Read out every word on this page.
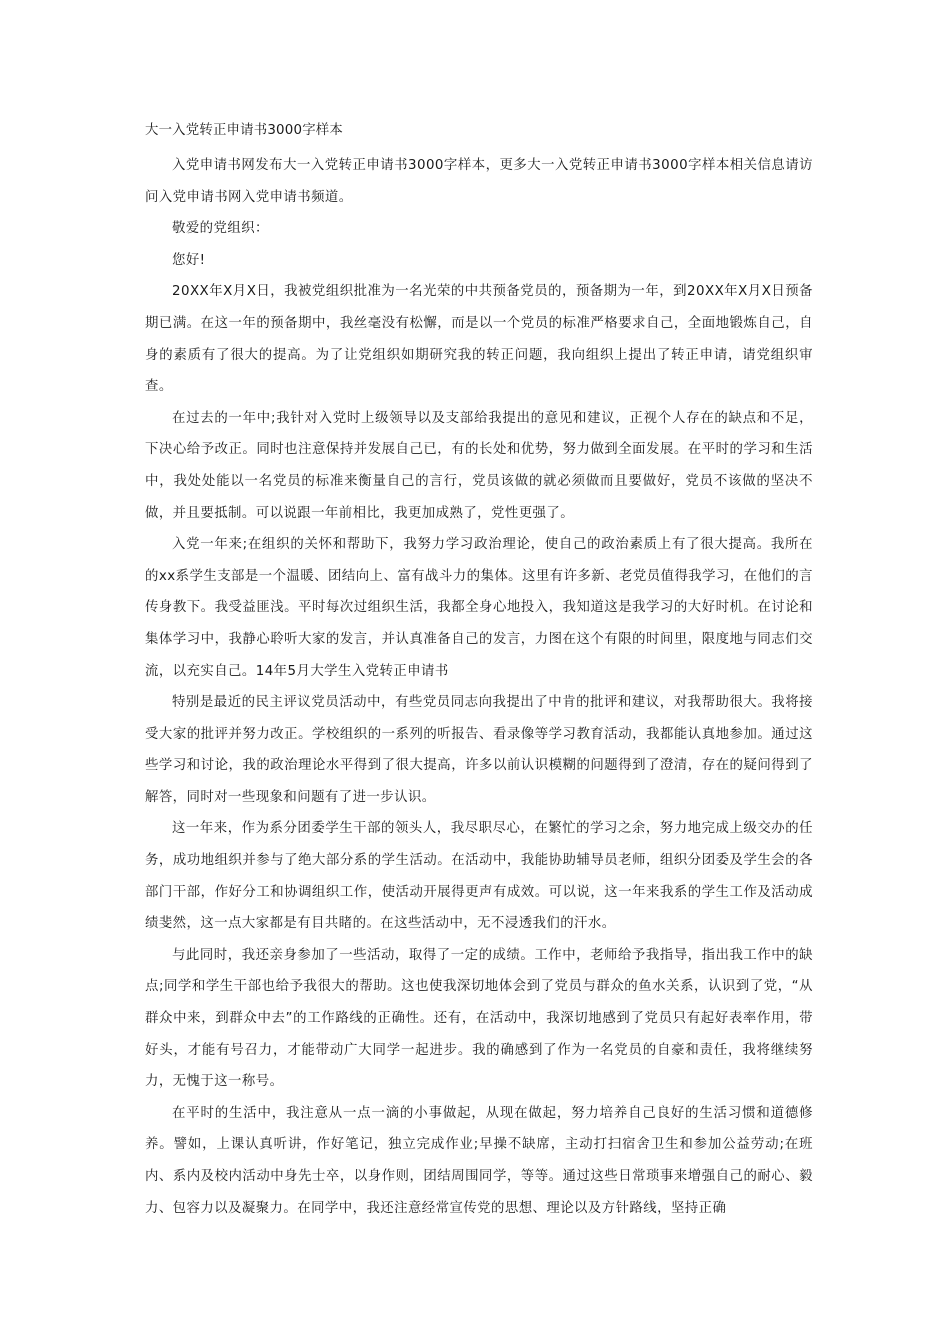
大一入党转正申请书3000字样本

入党申请书网发布大一入党转正申请书3000字样本，更多大一入党转正申请书3000字样本相关信息请访问入党申请书网入党申请书频道。

敬爱的党组织：

您好!

20XX年X月X日，我被党组织批准为一名光荣的中共预备党员的，预备期为一年，到20XX年X月X日预备期已满。在这一年的预备期中，我丝毫没有松懈，而是以一个党员的标准严格要求自己，全面地锻炼自己，自身的素质有了很大的提高。为了让党组织如期研究我的转正问题，我向组织上提出了转正申请，请党组织审查。

在过去的一年中;我针对入党时上级领导以及支部给我提出的意见和建议，正视个人存在的缺点和不足，下决心给予改正。同时也注意保持并发展自己已，有的长处和优势，努力做到全面发展。在平时的学习和生活中，我处处能以一名党员的标准来衡量自己的言行，党员该做的就必须做而且要做好，党员不该做的坚决不做，并且要抵制。可以说跟一年前相比，我更加成熟了，党性更强了。

入党一年来;在组织的关怀和帮助下，我努力学习政治理论，使自己的政治素质上有了很大提高。我所在的xx系学生支部是一个温暖、团结向上、富有战斗力的集体。这里有许多新、老党员值得我学习，在他们的言传身教下。我受益匪浅。平时每次过组织生活，我都全身心地投入，我知道这是我学习的大好时机。在讨论和集体学习中，我静心聆听大家的发言，并认真准备自己的发言，力图在这个有限的时间里，限度地与同志们交流，以充实自己。14年5月大学生入党转正申请书

特别是最近的民主评议党员活动中，有些党员同志向我提出了中肯的批评和建议，对我帮助很大。我将接受大家的批评并努力改正。学校组织的一系列的听报告、看录像等学习教育活动，我都能认真地参加。通过这些学习和讨论，我的政治理论水平得到了很大提高，许多以前认识模糊的问题得到了澄清，存在的疑问得到了解答，同时对一些现象和问题有了进一步认识。

这一年来，作为系分团委学生干部的领头人，我尽职尽心，在繁忙的学习之余，努力地完成上级交办的任务，成功地组织并参与了绝大部分系的学生活动。在活动中，我能协助辅导员老师，组织分团委及学生会的各部门干部，作好分工和协调组织工作，使活动开展得更声有成效。可以说，这一年来我系的学生工作及活动成绩斐然，这一点大家都是有目共睹的。在这些活动中，无不浸透我们的汗水。

与此同时，我还亲身参加了一些活动，取得了一定的成绩。工作中，老师给予我指导，指出我工作中的缺点;同学和学生干部也给予我很大的帮助。这也使我深切地体会到了党员与群众的鱼水关系，认识到了党，“从群众中来，到群众中去”的工作路线的正确性。还有，在活动中，我深切地感到了党员只有起好表率作用，带好头，才能有号召力，才能带动广大同学一起进步。我的确感到了作为一名党员的自豪和责任，我将继续努力，无愧于这一称号。

在平时的生活中，我注意从一点一滴的小事做起，从现在做起，努力培养自己良好的生活习惯和道德修养。譬如，上课认真听讲，作好笔记，独立完成作业;早操不缺席，主动打扫宿舍卫生和参加公益劳动;在班内、系内及校内活动中身先士卒，以身作则，团结周围同学，等等。通过这些日常琐事来增强自己的耐心、毅力、包容力以及凝聚力。在同学中，我还注意经常宣传党的思想、理论以及方针路线，坚持正确
